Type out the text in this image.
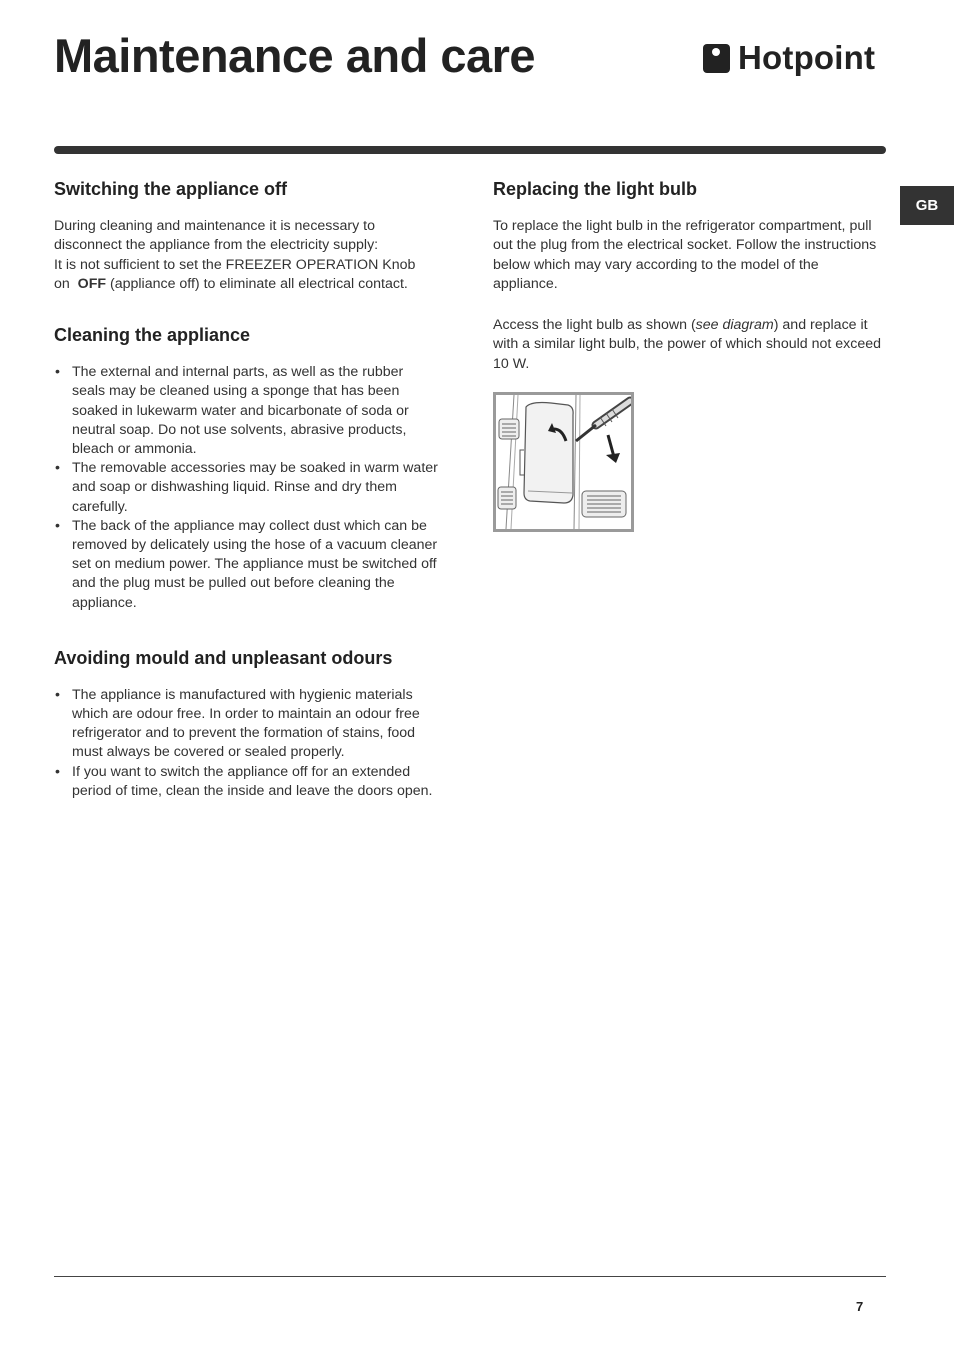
Maintenance and care	Hotpoint
GB
Switching the appliance off

During cleaning and maintenance it is necessary to disconnect the appliance from the electricity supply:
It is not sufficient to set the FREEZER OPERATION Knob on OFF (appliance off) to eliminate all electrical contact.

Cleaning the appliance
• The external and internal parts, as well as the rubber seals may be cleaned using a sponge that has been soaked in lukewarm water and bicarbonate of soda or neutral soap. Do not use solvents, abrasive products, bleach or ammonia.
• The removable accessories may be soaked in warm water and soap or dishwashing liquid. Rinse and dry them carefully.
• The back of the appliance may collect dust which can be removed by delicately using the hose of a vacuum cleaner set on medium power. The appliance must be switched off and the plug must be pulled out before cleaning the appliance.
Avoiding mould and unpleasant odours
• The appliance is manufactured with hygienic materials which are odour free. In order to maintain an odour free refrigerator and to prevent the formation of stains, food must always be covered or sealed properly.
• If you want to switch the appliance off for an extended period of time, clean the inside and leave the doors open.
Replacing the light bulb

To replace the light bulb in the refrigerator compartment, pull out the plug from the electrical socket. Follow the instructions below which may vary according to the model of the appliance.

Access the light bulb as shown (see diagram) and replace it with a similar light bulb, the power of which should not exceed 10 W.

7
